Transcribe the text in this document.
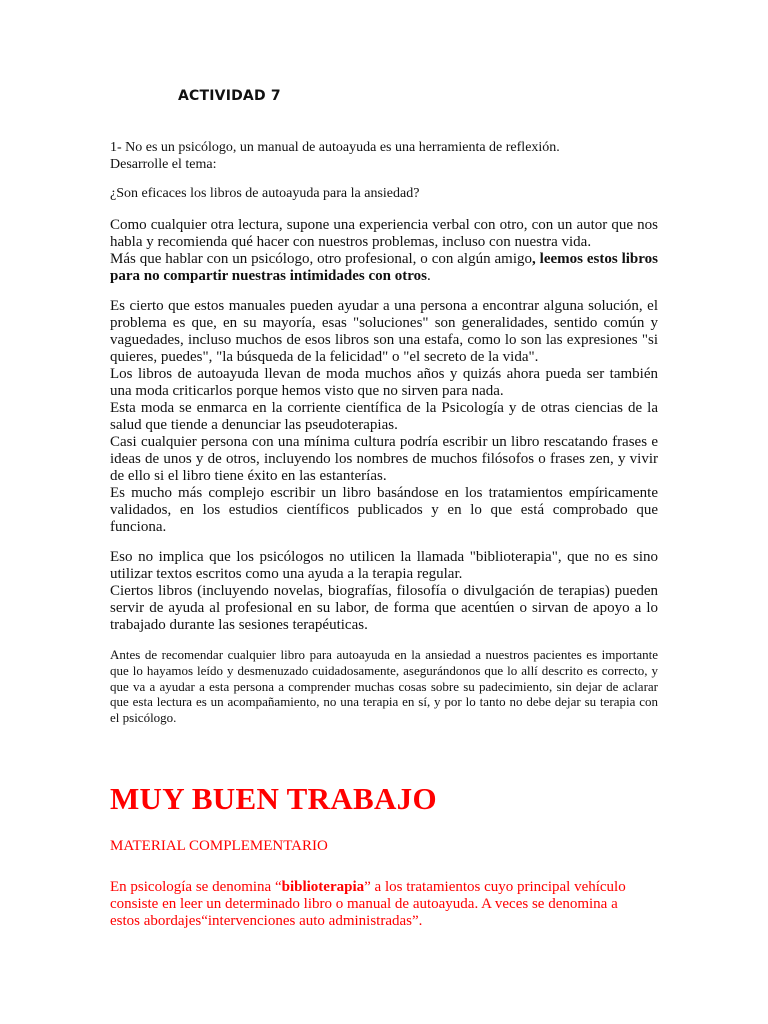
ACTIVIDAD 7
1- No es un psicólogo, un manual de autoayuda es una herramienta de reflexión.
Desarrolle el tema:
¿Son eficaces los libros de autoayuda para la ansiedad?
Como cualquier otra lectura, supone una experiencia verbal con otro, con un autor que nos habla y recomienda qué hacer con nuestros problemas, incluso con nuestra vida.
Más que hablar con un psicólogo, otro profesional, o con algún amigo, leemos estos libros para no compartir nuestras intimidades con otros.
Es cierto que estos manuales pueden ayudar a una persona a encontrar alguna solución, el problema es que, en su mayoría, esas "soluciones" son generalidades, sentido común y vaguedades, incluso muchos de esos libros son una estafa, como lo son las expresiones "si quieres, puedes", "la búsqueda de la felicidad" o "el secreto de la vida".
Los libros de autoayuda llevan de moda muchos años y quizás ahora pueda ser también una moda criticarlos porque hemos visto que no sirven para nada.
Esta moda se enmarca en la corriente científica de la Psicología y de otras ciencias de la salud que tiende a denunciar las pseudoterapias.
Casi cualquier persona con una mínima cultura podría escribir un libro rescatando frases e ideas de unos y de otros, incluyendo los nombres de muchos filósofos o frases zen, y vivir de ello si el libro tiene éxito en las estanterías.
Es mucho más complejo escribir un libro basándose en los tratamientos empíricamente validados, en los estudios científicos publicados y en lo que está comprobado que funciona.
Eso no implica que los psicólogos no utilicen la llamada "biblioterapia", que no es sino utilizar textos escritos como una ayuda a la terapia regular.
Ciertos libros (incluyendo novelas, biografías, filosofía o divulgación de terapias) pueden servir de ayuda al profesional en su labor, de forma que acentúen o sirvan de apoyo a lo trabajado durante las sesiones terapéuticas.
Antes de recomendar cualquier libro para autoayuda en la ansiedad a nuestros pacientes es importante que lo hayamos leído y desmenuzado cuidadosamente, asegurándonos que lo allí descrito es correcto, y que va a ayudar a esta persona a comprender muchas cosas sobre su padecimiento, sin dejar de aclarar que esta lectura es un acompañamiento, no una terapia en sí, y por lo tanto no debe dejar su terapia con el psicólogo.
MUY BUEN TRABAJO
MATERIAL COMPLEMENTARIO
En psicología se denomina “biblioterapia” a los tratamientos cuyo principal vehículo consiste en leer un determinado libro o manual de autoayuda. A veces se denomina a estos abordajes“intervenciones auto administradas”.
